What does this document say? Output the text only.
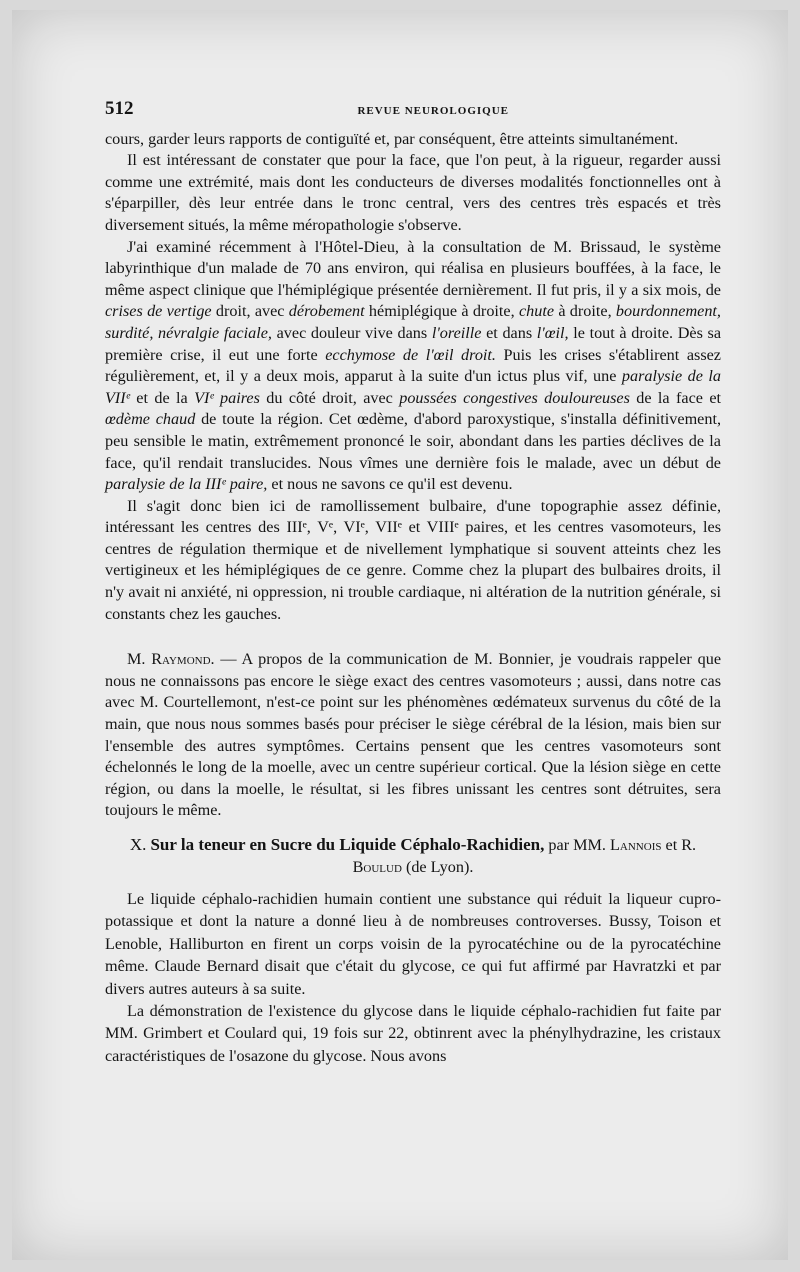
512	REVUE NEUROLOGIQUE

cours, garder leurs rapports de contiguïté et, par conséquent, être atteints simultanément.

Il est intéressant de constater que pour la face, que l'on peut, à la rigueur, regarder aussi comme une extrémité, mais dont les conducteurs de diverses modalités fonctionnelles ont à s'éparpiller, dès leur entrée dans le tronc central, vers des centres très espacés et très diversement situés, la même méropathologie s'observe.

J'ai examiné récemment à l'Hôtel-Dieu, à la consultation de M. Brissaud, le système labyrinthique d'un malade de 70 ans environ, qui réalisa en plusieurs bouffées, à la face, le même aspect clinique que l'hémiplégique présentée dernièrement. Il fut pris, il y a six mois, de crises de vertige droit, avec dérobement hémiplégique à droite, chute à droite, bourdonnement, surdité, névralgie faciale, avec douleur vive dans l'oreille et dans l'œil, le tout à droite. Dès sa première crise, il eut une forte ecchymose de l'œil droit. Puis les crises s'établirent assez régulièrement, et, il y a deux mois, apparut à la suite d'un ictus plus vif, une paralysie de la VIIᵉ et de la VIᵉ paires du côté droit, avec poussées congestives douloureuses de la face et œdème chaud de toute la région. Cet œdème, d'abord paroxystique, s'installa définitivement, peu sensible le matin, extrêmement prononcé le soir, abondant dans les parties déclives de la face, qu'il rendait translucides. Nous vîmes une dernière fois le malade, avec un début de paralysie de la IIIᵉ paire, et nous ne savons ce qu'il est devenu.

Il s'agit donc bien ici de ramollissement bulbaire, d'une topographie assez définie, intéressant les centres des IIIᵉ, Vᵉ, VIᵉ, VIIᵉ et VIIIᵉ paires, et les centres vasomoteurs, les centres de régulation thermique et de nivellement lymphatique si souvent atteints chez les vertigineux et les hémiplégiques de ce genre. Comme chez la plupart des bulbaires droits, il n'y avait ni anxiété, ni oppression, ni trouble cardiaque, ni altération de la nutrition générale, si constants chez les gauches.

M. Raymond. — A propos de la communication de M. Bonnier, je voudrais rappeler que nous ne connaissons pas encore le siège exact des centres vasomoteurs ; aussi, dans notre cas avec M. Courtellemont, n'est-ce point sur les phénomènes œdémateux survenus du côté de la main, que nous nous sommes basés pour préciser le siège cérébral de la lésion, mais bien sur l'ensemble des autres symptômes. Certains pensent que les centres vasomoteurs sont échelonnés le long de la moelle, avec un centre supérieur cortical. Que la lésion siège en cette région, ou dans la moelle, le résultat, si les fibres unissant les centres sont détruites, sera toujours le même.

X. Sur la teneur en Sucre du Liquide Céphalo-Rachidien, par MM. Lannois et R. Boulud (de Lyon).

Le liquide céphalo-rachidien humain contient une substance qui réduit la liqueur cupro-potassique et dont la nature a donné lieu à de nombreuses controverses. Bussy, Toison et Lenoble, Halliburton en firent un corps voisin de la pyrocatéchine ou de la pyrocatéchine même. Claude Bernard disait que c'était du glycose, ce qui fut affirmé par Havratzki et par divers autres auteurs à sa suite.

La démonstration de l'existence du glycose dans le liquide céphalo-rachidien fut faite par MM. Grimbert et Coulard qui, 19 fois sur 22, obtinrent avec la phénylhydrazine, les cristaux caractéristiques de l'osazone du glycose. Nous avons
